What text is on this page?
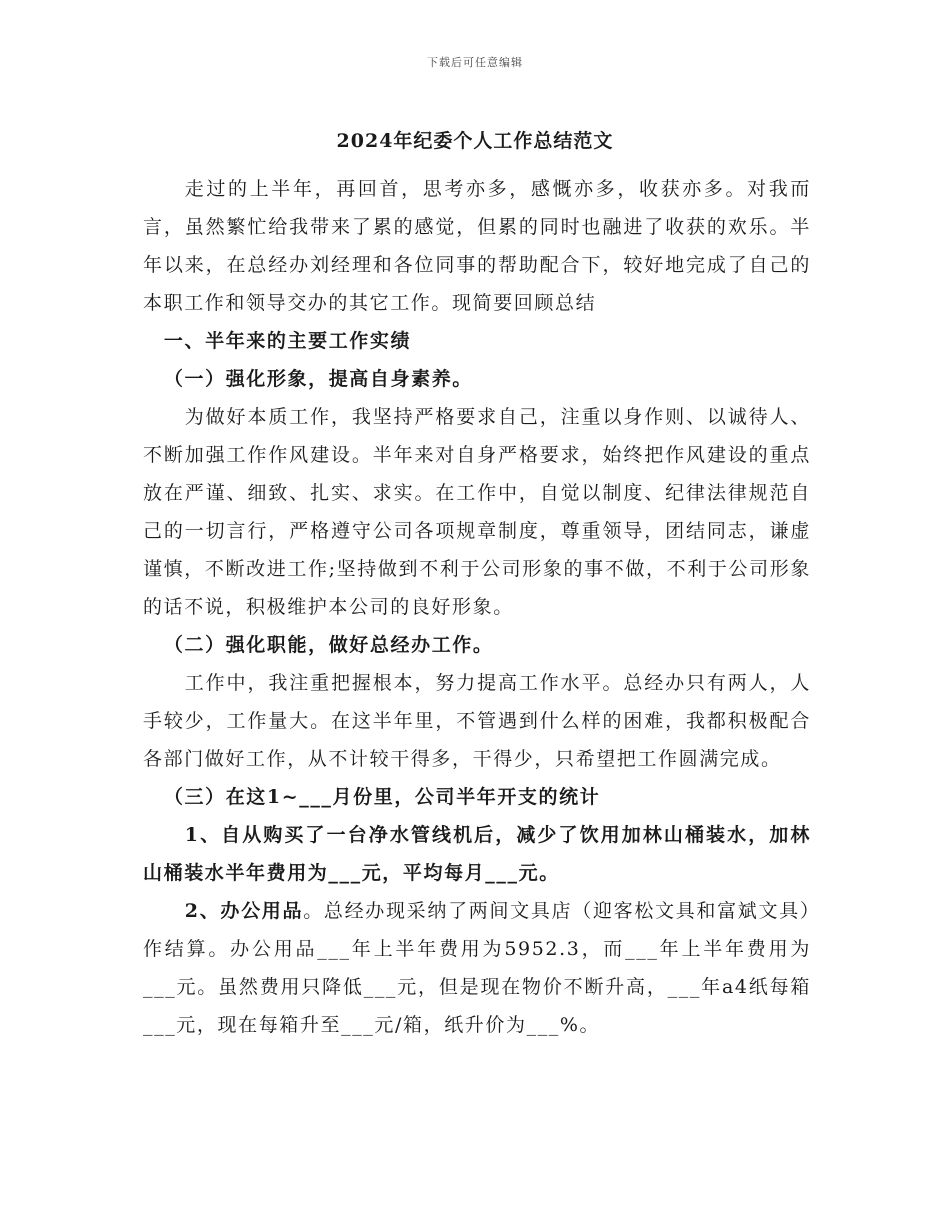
下载后可任意编辑
2024年纪委个人工作总结范文

走过的上半年，再回首，思考亦多，感慨亦多，收获亦多。对我而言，虽然繁忙给我带来了累的感觉，但累的同时也融进了收获的欢乐。半年以来，在总经办刘经理和各位同事的帮助配合下，较好地完成了自己的本职工作和领导交办的其它工作。现简要回顾总结

一、半年来的主要工作实绩

（一）强化形象，提高自身素养。

为做好本质工作，我坚持严格要求自己，注重以身作则、以诚待人、不断加强工作作风建设。半年来对自身严格要求，始终把作风建设的重点放在严谨、细致、扎实、求实。在工作中，自觉以制度、纪律法律规范自己的一切言行，严格遵守公司各项规章制度，尊重领导，团结同志，谦虚谨慎，不断改进工作;坚持做到不利于公司形象的事不做，不利于公司形象的话不说，积极维护本公司的良好形象。

（二）强化职能，做好总经办工作。

工作中，我注重把握根本，努力提高工作水平。总经办只有两人，人手较少，工作量大。在这半年里，不管遇到什么样的困难，我都积极配合各部门做好工作，从不计较干得多，干得少，只希望把工作圆满完成。

（三）在这1~___月份里，公司半年开支的统计

1、自从购买了一台净水管线机后，减少了饮用加林山桶装水，加林山桶装水半年费用为___元，平均每月___元。

2、办公用品。总经办现采纳了两间文具店（迎客松文具和富斌文具）作结算。办公用品___年上半年费用为5952.3，而___年上半年费用为___元。虽然费用只降低___元，但是现在物价不断升高，___年a4纸每箱___元，现在每箱升至___元/箱，纸升价为___%。
